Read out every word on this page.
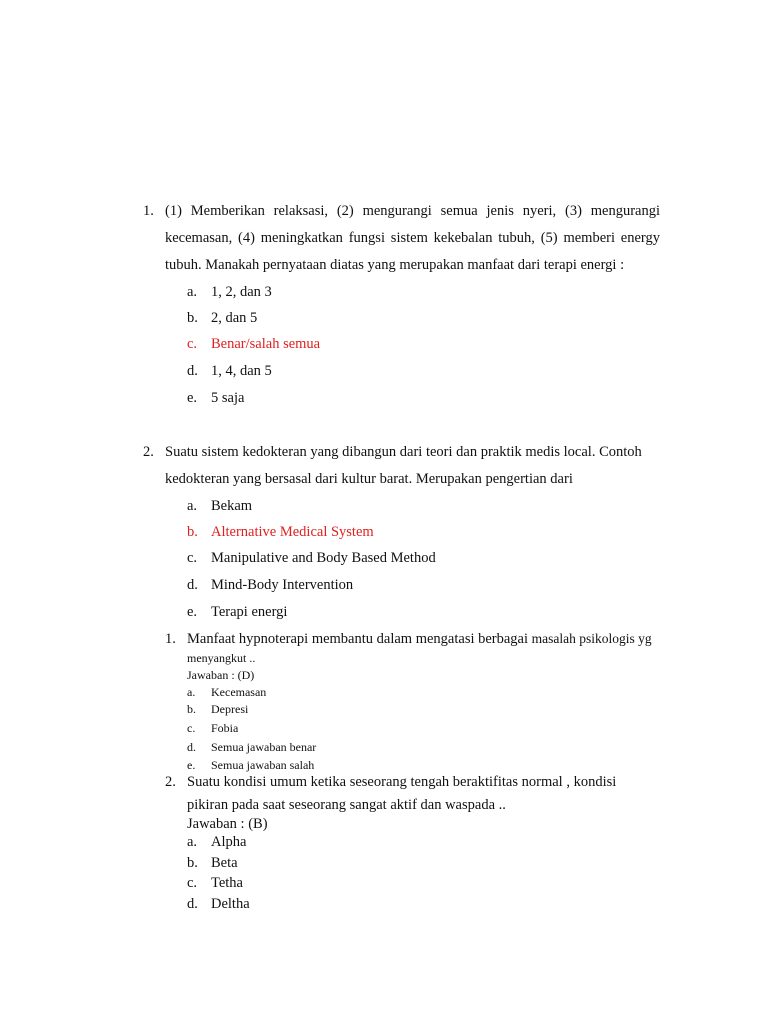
1. (1) Memberikan relaksasi, (2) mengurangi semua jenis nyeri, (3) mengurangi
kecemasan, (4) meningkatkan fungsi sistem kekebalan tubuh, (5) memberi energy
tubuh. Manakah pernyataan diatas yang merupakan manfaat dari terapi energi :
a. 1, 2, dan 3
b. 2, dan 5
c. Benar/salah semua
d. 1, 4, dan 5
e. 5 saja
2. Suatu sistem kedokteran yang dibangun dari teori dan praktik medis local. Contoh
kedokteran yang bersasal dari kultur barat. Merupakan pengertian dari
a. Bekam
b. Alternative Medical System
c. Manipulative and Body Based Method
d. Mind-Body Intervention
e. Terapi energi
1. Manfaat hypnoterapi membantu dalam mengatasi berbagai masalah psikologis yg
menyangkut ..
Jawaban : (D)
a. Kecemasan
b. Depresi
c. Fobia
d. Semua jawaban benar
e. Semua jawaban salah
2. Suatu kondisi umum ketika seseorang tengah beraktifitas normal , kondisi
pikiran pada saat seseorang sangat aktif dan waspada ..
Jawaban : (B)
a. Alpha
b. Beta
c. Tetha
d. Deltha
